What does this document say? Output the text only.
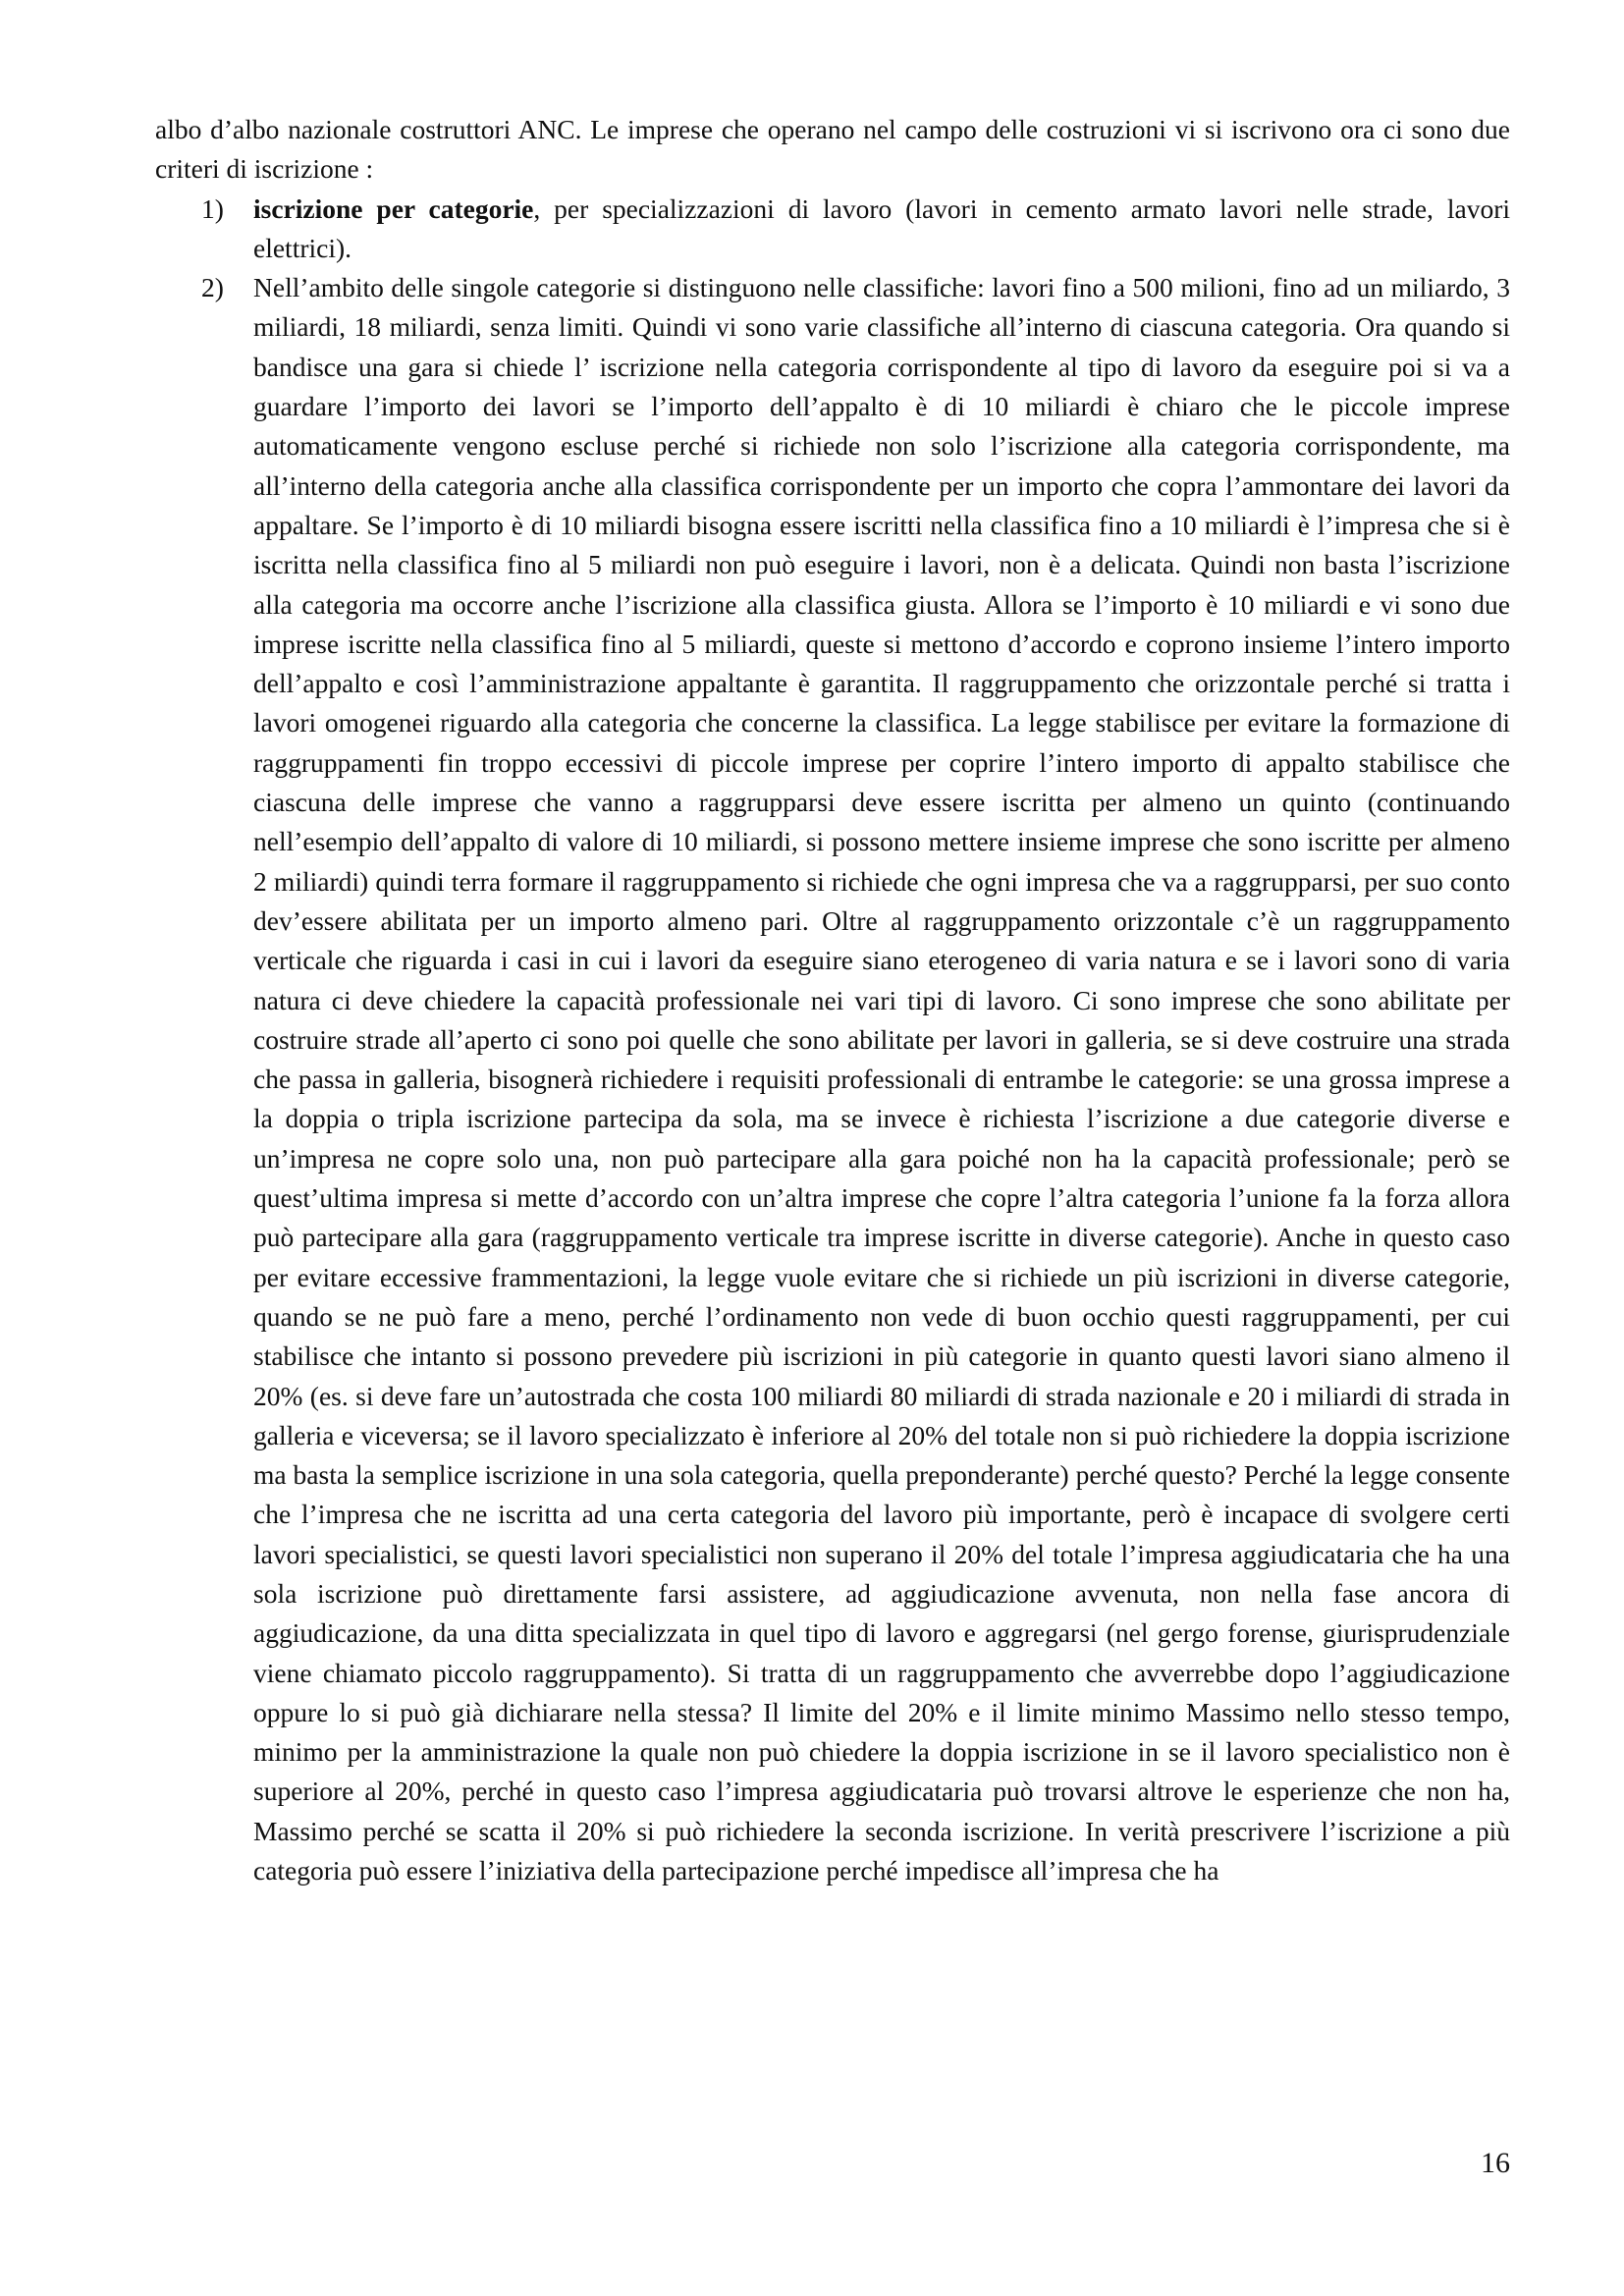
albo d’albo nazionale costruttori ANC. Le imprese che operano nel campo delle costruzioni vi si iscrivono ora ci sono due criteri di iscrizione :

1) iscrizione per categorie, per specializzazioni di lavoro (lavori in cemento armato lavori nelle strade, lavori elettrici).
2) Nell’ambito delle singole categorie si distinguono nelle classifiche: lavori fino a 500 milioni, fino ad un miliardo, 3 miliardi, 18 miliardi, senza limiti. Quindi vi sono varie classifiche all’interno di ciascuna categoria. Ora quando si bandisce una gara si chiede l’ iscrizione nella categoria corrispondente al tipo di lavoro da eseguire poi si va a guardare l’importo dei lavori se l’importo dell’appalto è di 10 miliardi è chiaro che le piccole imprese automaticamente vengono escluse perché si richiede non solo l’iscrizione alla categoria corrispondente, ma all’interno della categoria anche alla classifica corrispondente per un importo che copra l’ammontare dei lavori da appaltare. Se l’importo è di 10 miliardi bisogna essere iscritti nella classifica fino a 10 miliardi è l’impresa che si è iscritta nella classifica fino al 5 miliardi non può eseguire i lavori, non è a delicata. Quindi non basta l’iscrizione alla categoria ma occorre anche l’iscrizione alla classifica giusta. Allora se l’importo è 10 miliardi e vi sono due imprese iscritte nella classifica fino al 5 miliardi, queste si mettono d’accordo e coprono insieme l’intero importo dell’appalto e così l’amministrazione appaltante è garantita. Il raggruppamento che orizzontale perché si tratta i lavori omogenei riguardo alla categoria che concerne la classifica. La legge stabilisce per evitare la formazione di raggruppamenti fin troppo eccessivi di piccole imprese per coprire l’intero importo di appalto stabilisce che ciascuna delle imprese che vanno a raggrupparsi deve essere iscritta per almeno un quinto (continuando nell’esempio dell’appalto di valore di 10 miliardi, si possono mettere insieme imprese che sono iscritte per almeno 2 miliardi) quindi terra formare il raggruppamento si richiede che ogni impresa che va a raggrupparsi, per suo conto dev’essere abilitata per un importo almeno pari. Oltre al raggruppamento orizzontale c’è un raggruppamento verticale che riguarda i casi in cui i lavori da eseguire siano eterogeneo di varia natura e se i lavori sono di varia natura ci deve chiedere la capacità professionale nei vari tipi di lavoro. Ci sono imprese che sono abilitate per costruire strade all’aperto ci sono poi quelle che sono abilitate per lavori in galleria, se si deve costruire una strada che passa in galleria, bisognerà richiedere i requisiti professionali di entrambe le categorie: se una grossa imprese a la doppia o tripla iscrizione partecipa da sola, ma se invece è richiesta l’iscrizione a due categorie diverse e un’impresa ne copre solo una, non può partecipare alla gara poiché non ha la capacità professionale; però se quest’ultima impresa si mette d’accordo con un’altra imprese che copre l’altra categoria l’unione fa la forza allora può partecipare alla gara (raggruppamento verticale tra imprese iscritte in diverse categorie). Anche in questo caso per evitare eccessive frammentazioni, la legge vuole evitare che si richiede un più iscrizioni in diverse categorie, quando se ne può fare a meno, perché l’ordinamento non vede di buon occhio questi raggruppamenti, per cui stabilisce che intanto si possono prevedere più iscrizioni in più categorie in quanto questi lavori siano almeno il 20% (es. si deve fare un’autostrada che costa 100 miliardi 80 miliardi di strada nazionale e 20 i miliardi di strada in galleria e viceversa; se il lavoro specializzato è inferiore al 20% del totale non si può richiedere la doppia iscrizione ma basta la semplice iscrizione in una sola categoria, quella preponderante) perché questo? Perché la legge consente che l’impresa che ne iscritta ad una certa categoria del lavoro più importante, però è incapace di svolgere certi lavori specialistici, se questi lavori specialistici non superano il 20% del totale l’impresa aggiudicataria che ha una sola iscrizione può direttamente farsi assistere, ad aggiudicazione avvenuta, non nella fase ancora di aggiudicazione, da una ditta specializzata in quel tipo di lavoro e aggregarsi (nel gergo forense, giurisprudenziale viene chiamato piccolo raggruppamento). Si tratta di un raggruppamento che avverrebbe dopo l’aggiudicazione oppure lo si può già dichiarare nella stessa? Il limite del 20% e il limite minimo Massimo nello stesso tempo, minimo per la amministrazione la quale non può chiedere la doppia iscrizione in se il lavoro specialistico non è superiore al 20%, perché in questo caso l’impresa aggiudicataria può trovarsi altrove le esperienze che non ha, Massimo perché se scatta il 20% si può richiedere la seconda iscrizione. In verità prescrivere l’iscrizione a più categoria può essere l’iniziativa della partecipazione perché impedisce all’impresa che ha
16
